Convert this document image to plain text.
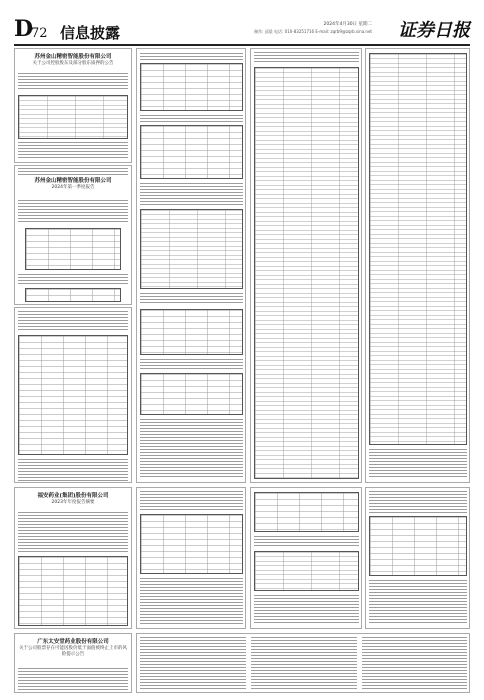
D
72 信息披露	2024年4月30日 星期二
制作: 邱晨 电话: 010-83251716 E-mail: zqrb9@zqrb.sina.net 证券日报
苏州金山精密智能股份有限公司
关于公司控股股东及部分股东质押的公告
苏州金山精密智能股份有限公司
2024年第一季度报告
福安药业(集团)股份有限公司
2023年年度报告摘要
广东太安堂药业股份有限公司
关于公司股票存在可能因股价低于面值被终止上市的风险提示公告
